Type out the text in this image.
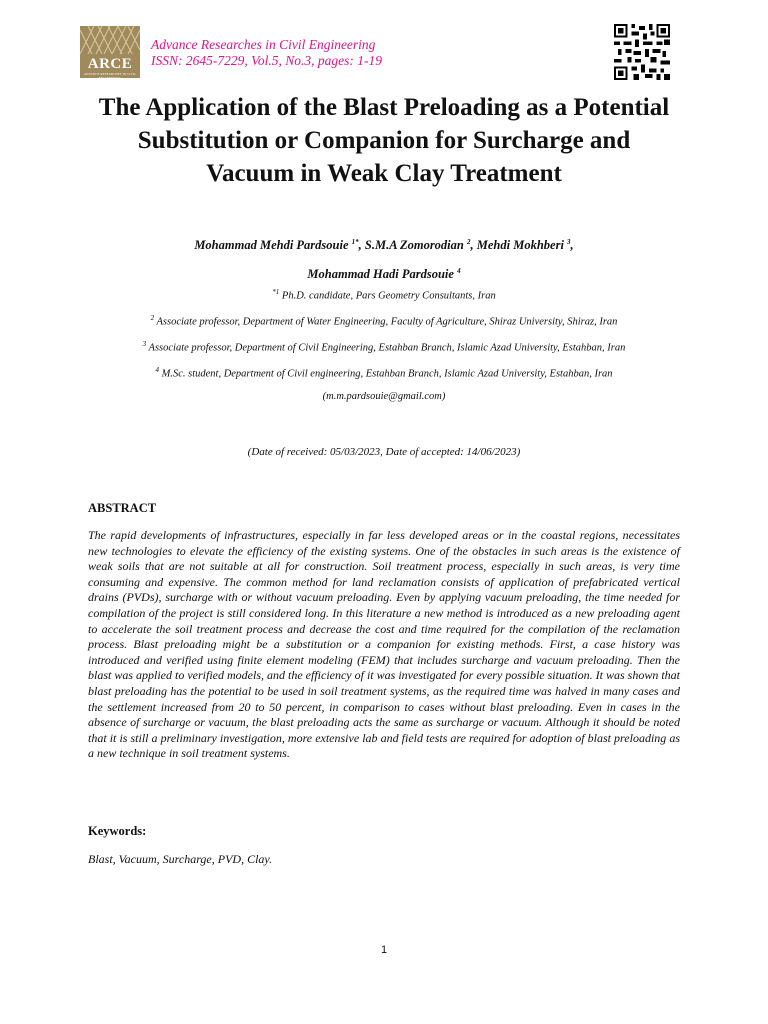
ARCE
ADVANCE RESEARCHES IN CIVIL ENGINEERING
Advance Researches in Civil Engineering
ISSN: 2645-7229, Vol.5, No.3, pages: 1-19
The Application of the Blast Preloading as a Potential
Substitution or Companion for Surcharge and
Vacuum in Weak Clay Treatment
Mohammad Mehdi Pardsouie $^{1*}$, S.M.A Zomorodian $^2$, Mehdi Mokhberi $^3$,
Mohammad Hadi Pardsouie $^4$
$^{*1}$ Ph.D. candidate, Pars Geometry Consultants, Iran
$^2$ Associate professor, Department of Water Engineering, Faculty of Agriculture, Shiraz University, Shiraz, Iran
$^3$ Associate professor, Department of Civil Engineering, Estahban Branch, Islamic Azad University, Estahban, Iran
$^4$ M.Sc. student, Department of Civil engineering, Estahban Branch, Islamic Azad University, Estahban, Iran
(m.m.pardsouie@gmail.com)
(Date of received: 05/03/2023, Date of accepted: 14/06/2023)
ABSTRACT
The rapid developments of infrastructures, especially in far less developed areas or in the coastal regions, necessitates new technologies to elevate the efficiency of the existing systems. One of the obstacles in such areas is the existence of weak soils that are not suitable at all for construction. Soil treatment process, especially in such areas, is very time consuming and expensive. The common method for land reclamation consists of application of prefabricated vertical drains (PVDs), surcharge with or without vacuum preloading. Even by applying vacuum preloading, the time needed for compilation of the project is still considered long. In this literature a new method is introduced as a new preloading agent to accelerate the soil treatment process and decrease the cost and time required for the compilation of the reclamation process. Blast preloading might be a substitution or a companion for existing methods. First, a case history was introduced and verified using finite element modeling (FEM) that includes surcharge and vacuum preloading. Then the blast was applied to verified models, and the efficiency of it was investigated for every possible situation. It was shown that blast preloading has the potential to be used in soil treatment systems, as the required time was halved in many cases and the settlement increased from 20 to 50 percent, in comparison to cases without blast preloading. Even in cases in the absence of surcharge or vacuum, the blast preloading acts the same as surcharge or vacuum. Although it should be noted that it is still a preliminary investigation, more extensive lab and field tests are required for adoption of blast preloading as a new technique in soil treatment systems.
Keywords:
Blast, Vacuum, Surcharge, PVD, Clay.
1
